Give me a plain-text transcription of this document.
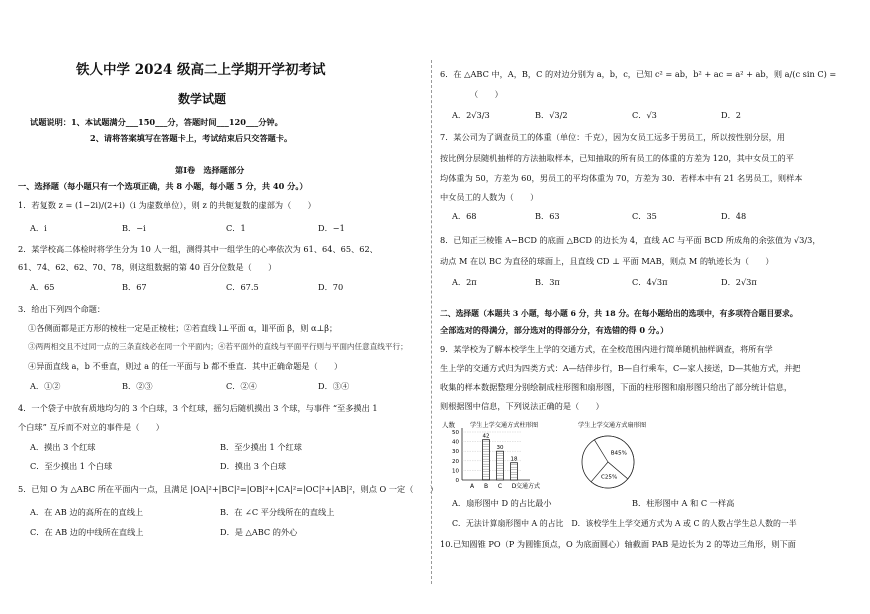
铁人中学 2024 级高二上学期开学初考试
数学试题
试题说明：1、本试题满分___150___分，答题时间___120___分钟。
2、请将答案填写在答题卡上，考试结束后只交答题卡。
第Ⅰ卷　选择题部分
一、选择题（每小题只有一个选项正确，共 8 小题，每小题 5 分，共 40 分。）
1．若复数 z = (1−2i)/(2+i)（i 为虚数单位），则 z 的共轭复数的虚部为（　　）
A．i	B．−i	C．1	D．−1
2．某学校高二体检时将学生分为 10 人一组，测得其中一组学生的心率依次为 61、64、65、62、
61、74、62、62、70、78，则这组数据的第 40 百分位数是（　　）
A．65	B．67	C．67.5	D．70
3．给出下列四个命题：
①各侧面都是正方形的棱柱一定是正棱柱；②若直线 l⊥平面 α，l∥平面 β，则 α⊥β；
③两两相交且不过同一点的三条直线必在同一个平面内；④若平面外的直线与平面平行则与平面内任意直线平行；
④异面直线 a，b 不垂直，则过 a 的任一平面与 b 都不垂直．其中正确命题是（　　）
A．①②	B．②③	C．②④	D．③④
4．一个袋子中放有质地均匀的 3 个白球，3 个红球，摇匀后随机摸出 3 个球，与事件 “至多摸出 1
个白球” 互斥而不对立的事件是（　　）
A．摸出 3 个红球	B．至少摸出 1 个红球
C．至少摸出 1 个白球	D．摸出 3 个白球
5．已知 O 为 △ABC 所在平面内一点，且满足 |OA|²+|BC|²=|OB|²+|CA|²=|OC|²+|AB|²，则点 O 一定（　　）
A．在 AB 边的高所在的直线上	B．在 ∠C 平分线所在的直线上
C．在 AB 边的中线所在直线上	D．是 △ABC 的外心
6．在 △ABC 中，A，B，C 的对边分别为 a，b，c，已知 c² = ab，b² + ac = a² + ab，则 a/(c sin C) =
（　　）
A．2√3/3	B．√3/2	C．√3	D．2
7．某公司为了调查员工的体重（单位：千克），因为女员工远多于男员工，所以按性别分层，用
按比例分层随机抽样的方法抽取样本，已知抽取的所有员工的体重的方差为 120，其中女员工的平
均体重为 50，方差为 60，男员工的平均体重为 70，方差为 30．若样本中有 21 名男员工，则样本
中女员工的人数为（　　）
A．68	B．63	C．35	D．48
8．已知正三棱锥 A−BCD 的底面 △BCD 的边长为 4，直线 AC 与平面 BCD 所成角的余弦值为 √3/3，
动点 M 在以 BC 为直径的球面上，且直线 CD ⊥ 平面 MAB，则点 M 的轨迹长为（　　）
A．2π	B．3π	C．4√3π	D．2√3π
二、选择题（本题共 3 小题，每小题 6 分，共 18 分。在每小题给出的选项中，有多项符合题目要求。
全部选对的得满分，部分选对的得部分分，有选错的得 0 分。）
9．某学校为了解本校学生上学的交通方式，在全校范围内进行简单随机抽样调查，将所有学
生上学的交通方式归为四类方式：A—结伴步行，B—自行乘车，C—家人接送，D—其他方式，并把
收集的样本数据整理分别绘制成柱形图和扇形图，下面的柱形图和扇形图只给出了部分统计信息，
则根据图中信息，下列说法正确的是（　　）
人数 学生上学交通方式柱形图
0
10
20
30
40
50
A B
42
C
30
D
18
交通方式
学生上学交通方式扇形图
B45%
C25%
A．扇形图中 D 的占比最小	B．柱形图中 A 和 C 一样高
C．无法计算扇形图中 A 的占比　D．该校学生上学交通方式为 A 或 C 的人数占学生总人数的一半
10.已知圆锥 PO（P 为圆锥顶点，O 为底面圆心）轴截面 PAB 是边长为 2 的等边三角形，则下面
